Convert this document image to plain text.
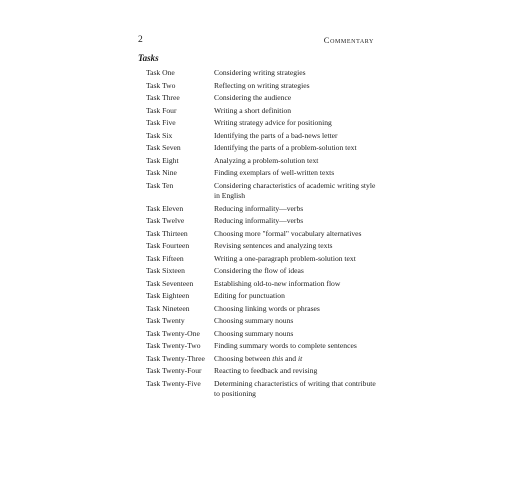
2	Commentary
Tasks
Task One	Considering writing strategies
Task Two	Reflecting on writing strategies
Task Three	Considering the audience
Task Four	Writing a short definition
Task Five	Writing strategy advice for positioning
Task Six	Identifying the parts of a bad-news letter
Task Seven	Identifying the parts of a problem-solution text
Task Eight	Analyzing a problem-solution text
Task Nine	Finding exemplars of well-written texts
Task Ten	Considering characteristics of academic writing style in English
Task Eleven	Reducing informality—verbs
Task Twelve	Reducing informality—verbs
Task Thirteen	Choosing more "formal" vocabulary alternatives
Task Fourteen	Revising sentences and analyzing texts
Task Fifteen	Writing a one-paragraph problem-solution text
Task Sixteen	Considering the flow of ideas
Task Seventeen	Establishing old-to-new information flow
Task Eighteen	Editing for punctuation
Task Nineteen	Choosing linking words or phrases
Task Twenty	Choosing summary nouns
Task Twenty-One	Choosing summary nouns
Task Twenty-Two	Finding summary words to complete sentences
Task Twenty-Three	Choosing between this and it
Task Twenty-Four	Reacting to feedback and revising
Task Twenty-Five	Determining characteristics of writing that contribute to positioning
